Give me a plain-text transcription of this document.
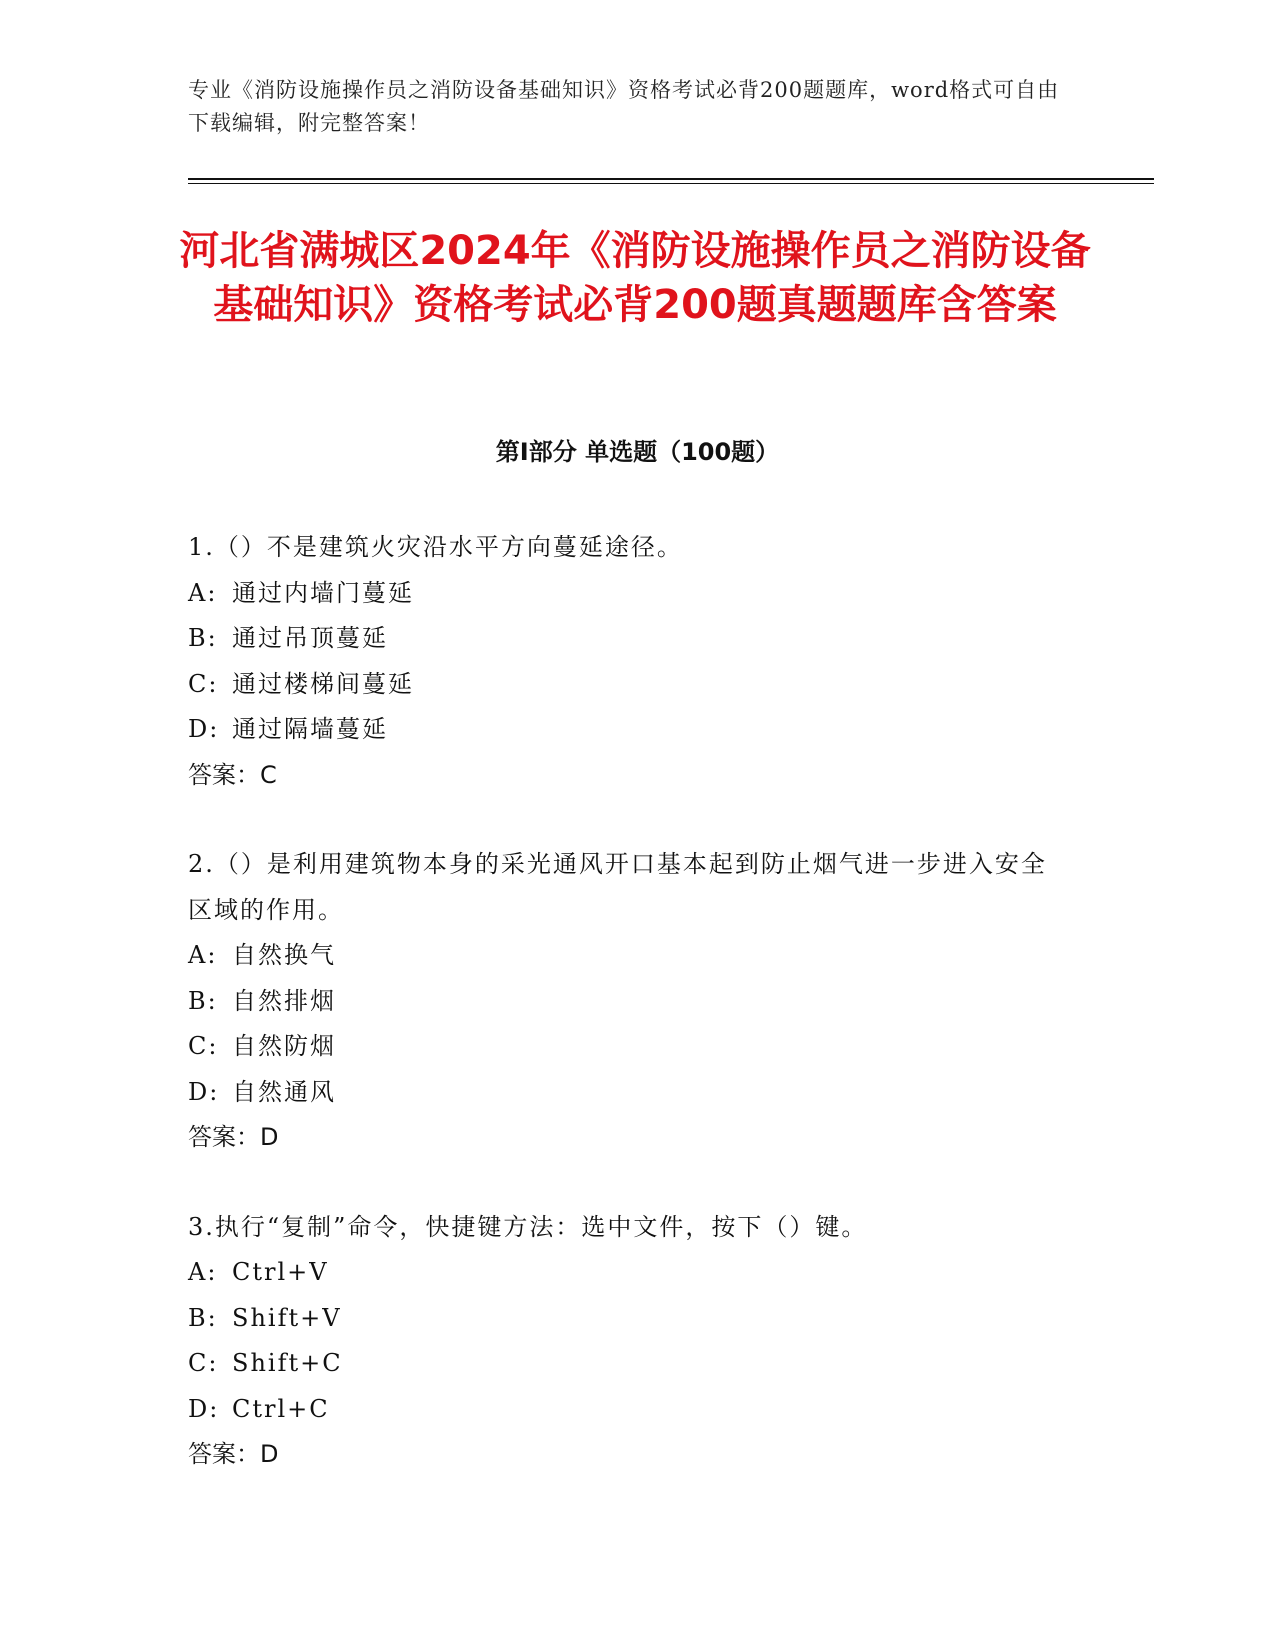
专业《消防设施操作员之消防设备基础知识》资格考试必背200题题库，word格式可自由下载编辑，附完整答案！
河北省满城区2024年《消防设施操作员之消防设备基础知识》资格考试必背200题真题题库含答案
第I部分 单选题（100题）
1.（）不是建筑火灾沿水平方向蔓延途径。
A: 通过内墙门蔓延
B: 通过吊顶蔓延
C: 通过楼梯间蔓延
D: 通过隔墙蔓延
答案：C
2.（）是利用建筑物本身的采光通风开口基本起到防止烟气进一步进入安全区域的作用。
A: 自然换气
B: 自然排烟
C: 自然防烟
D: 自然通风
答案：D
3.执行“复制”命令，快捷键方法：选中文件，按下（）键。
A: Ctrl+V
B: Shift+V
C: Shift+C
D: Ctrl+C
答案：D
